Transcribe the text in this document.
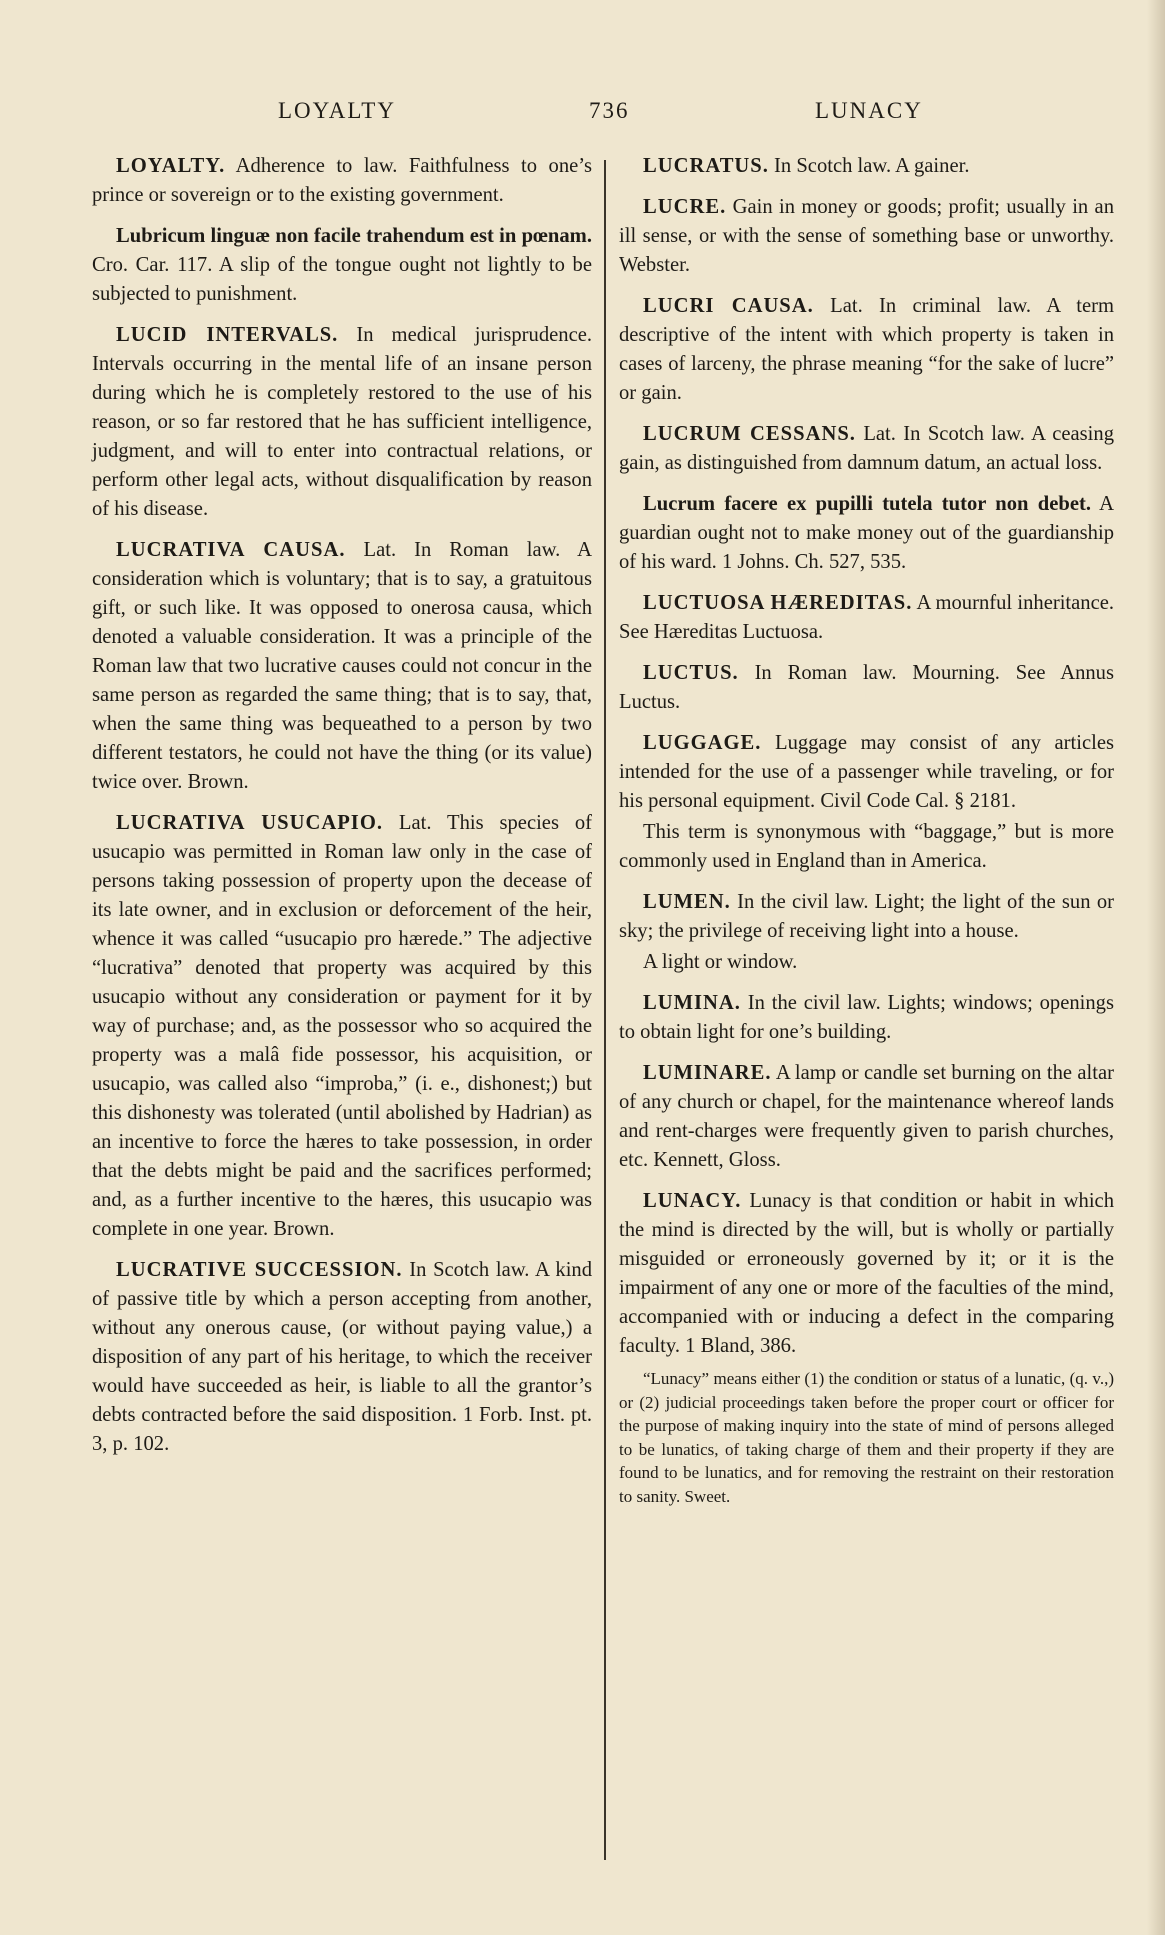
LOYALTY	736	LUNACY

LOYALTY. Adherence to law. Faithfulness to one’s prince or sovereign or to the existing government.

Lubricum linguæ non facile trahendum est in pœnam. Cro. Car. 117. A slip of the tongue ought not lightly to be subjected to punishment.

LUCID INTERVALS. In medical jurisprudence. Intervals occurring in the mental life of an insane person during which he is completely restored to the use of his reason, or so far restored that he has sufficient intelligence, judgment, and will to enter into contractual relations, or perform other legal acts, without disqualification by reason of his disease.

LUCRATIVA CAUSA. Lat. In Roman law. A consideration which is voluntary; that is to say, a gratuitous gift, or such like. It was opposed to onerosa causa, which denoted a valuable consideration. It was a principle of the Roman law that two lucrative causes could not concur in the same person as regarded the same thing; that is to say, that, when the same thing was bequeathed to a person by two different testators, he could not have the thing (or its value) twice over. Brown.

LUCRATIVA USUCAPIO. Lat. This species of usucapio was permitted in Roman law only in the case of persons taking possession of property upon the decease of its late owner, and in exclusion or deforcement of the heir, whence it was called “usucapio pro hærede.” The adjective “lucrativa” denoted that property was acquired by this usucapio without any consideration or payment for it by way of purchase; and, as the possessor who so acquired the property was a malâ fide possessor, his acquisition, or usucapio, was called also “improba,” (i. e., dishonest;) but this dishonesty was tolerated (until abolished by Hadrian) as an incentive to force the hæres to take possession, in order that the debts might be paid and the sacrifices performed; and, as a further incentive to the hæres, this usucapio was complete in one year. Brown.

LUCRATIVE SUCCESSION. In Scotch law. A kind of passive title by which a person accepting from another, without any onerous cause, (or without paying value,) a disposition of any part of his heritage, to which the receiver would have succeeded as heir, is liable to all the grantor’s debts contracted before the said disposition. 1 Forb. Inst. pt. 3, p. 102.

LUCRATUS. In Scotch law. A gainer.

LUCRE. Gain in money or goods; profit; usually in an ill sense, or with the sense of something base or unworthy. Webster.

LUCRI CAUSA. Lat. In criminal law. A term descriptive of the intent with which property is taken in cases of larceny, the phrase meaning “for the sake of lucre” or gain.

LUCRUM CESSANS. Lat. In Scotch law. A ceasing gain, as distinguished from damnum datum, an actual loss.

Lucrum facere ex pupilli tutela tutor non debet. A guardian ought not to make money out of the guardianship of his ward. 1 Johns. Ch. 527, 535.

LUCTUOSA HÆREDITAS. A mournful inheritance. See Hæreditas Luctuosa.

LUCTUS. In Roman law. Mourning. See Annus Luctus.

LUGGAGE. Luggage may consist of any articles intended for the use of a passenger while traveling, or for his personal equipment. Civil Code Cal. § 2181.

This term is synonymous with “baggage,” but is more commonly used in England than in America.

LUMEN. In the civil law. Light; the light of the sun or sky; the privilege of receiving light into a house.

A light or window.

LUMINA. In the civil law. Lights; windows; openings to obtain light for one’s building.

LUMINARE. A lamp or candle set burning on the altar of any church or chapel, for the maintenance whereof lands and rent-charges were frequently given to parish churches, etc. Kennett, Gloss.

LUNACY. Lunacy is that condition or habit in which the mind is directed by the will, but is wholly or partially misguided or erroneously governed by it; or it is the impairment of any one or more of the faculties of the mind, accompanied with or inducing a defect in the comparing faculty. 1 Bland, 386.

“Lunacy” means either (1) the condition or status of a lunatic, (q. v.,) or (2) judicial proceedings taken before the proper court or officer for the purpose of making inquiry into the state of mind of persons alleged to be lunatics, of taking charge of them and their property if they are found to be lunatics, and for removing the restraint on their restoration to sanity. Sweet.
